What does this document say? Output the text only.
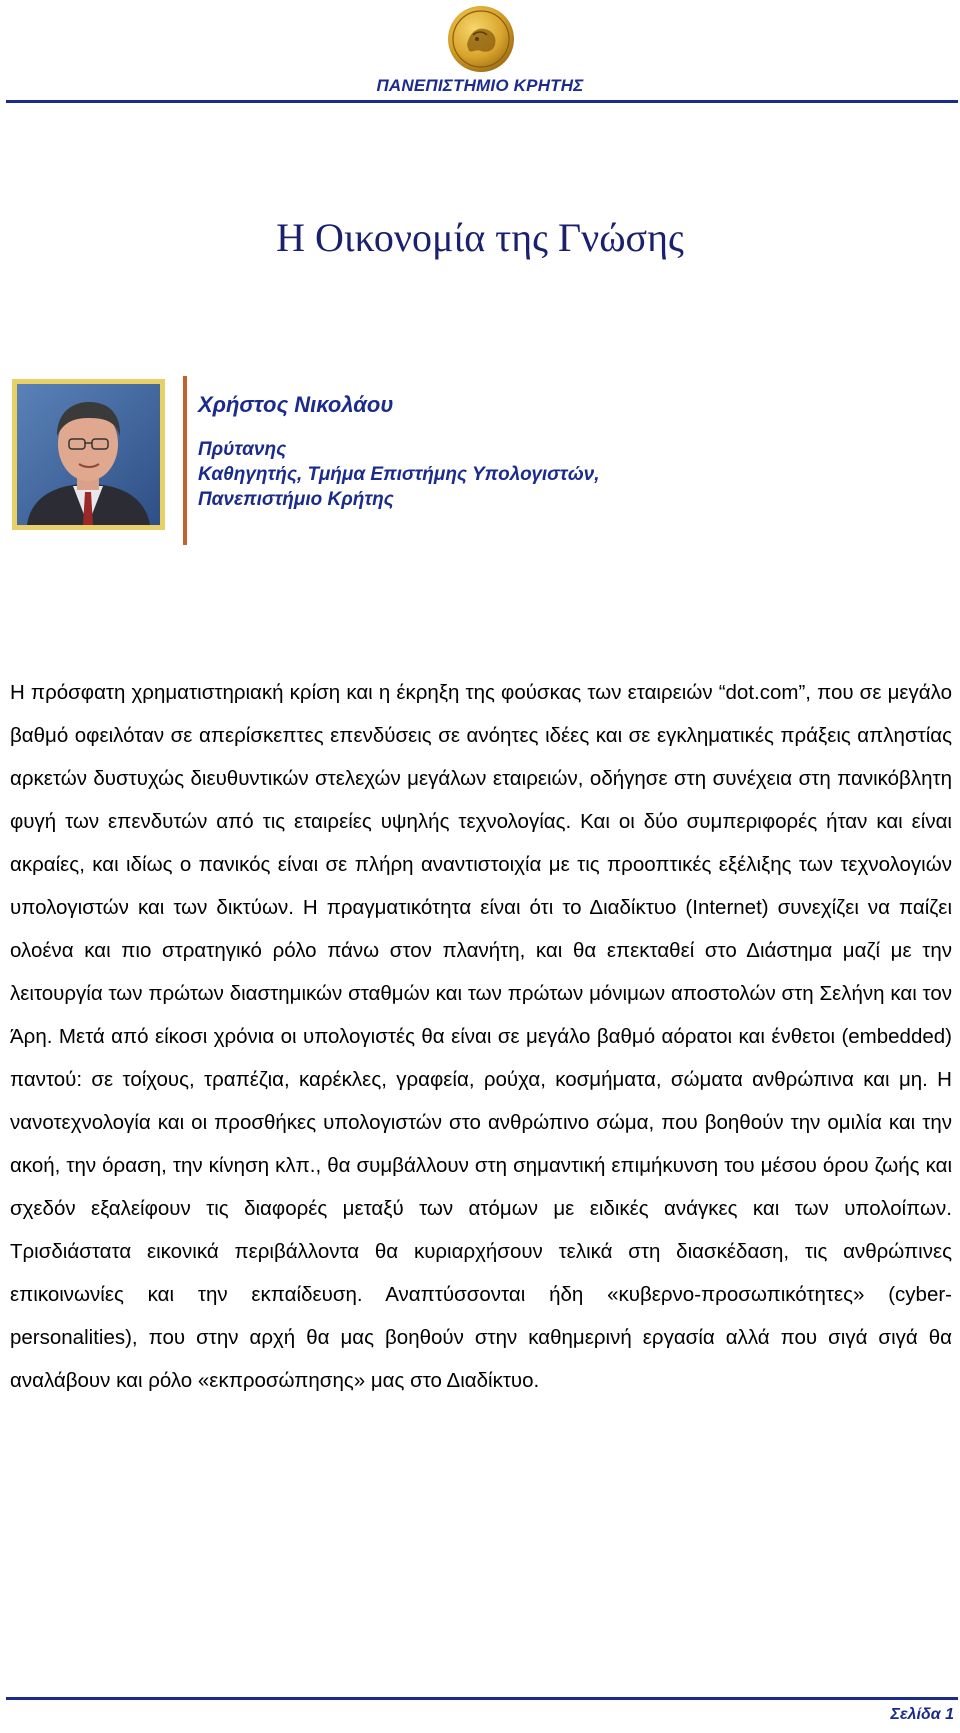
ΠΑΝΕΠΙΣΤΗΜΙΟ ΚΡΗΤΗΣ
Η Οικονομία της Γνώσης
Χρήστος Νικολάου
Πρύτανης
Καθηγητής, Τμήμα Επιστήμης Υπολογιστών,
Πανεπιστήμιο Κρήτης
Η πρόσφατη χρηματιστηριακή κρίση και η έκρηξη της φούσκας των εταιρειών “dot.com”, που σε μεγάλο βαθμό οφειλόταν σε απερίσκεπτες επενδύσεις σε ανόητες ιδέες και σε εγκληματικές πράξεις απληστίας αρκετών δυστυχώς διευθυντικών στελεχών μεγάλων εταιρειών, οδήγησε στη συνέχεια στη πανικόβλητη φυγή των επενδυτών από τις εταιρείες υψηλής τεχνολογίας. Και οι δύο συμπεριφορές ήταν και είναι ακραίες, και ιδίως ο πανικός είναι σε πλήρη αναντιστοιχία με τις προοπτικές εξέλιξης των τεχνολογιών υπολογιστών και των δικτύων. Η πραγματικότητα είναι ότι το Διαδίκτυο (Internet) συνεχίζει να παίζει ολοένα και πιο στρατηγικό ρόλο πάνω στον πλανήτη, και θα επεκταθεί στο Διάστημα μαζί με την λειτουργία των πρώτων διαστημικών σταθμών και των πρώτων μόνιμων αποστολών στη Σελήνη και τον Άρη. Μετά από είκοσι χρόνια οι υπολογιστές θα είναι σε μεγάλο βαθμό αόρατοι και ένθετοι (embedded) παντού: σε τοίχους, τραπέζια, καρέκλες, γραφεία, ρούχα, κοσμήματα, σώματα ανθρώπινα και μη. Η νανοτεχνολογία και οι προσθήκες υπολογιστών στο ανθρώπινο σώμα, που βοηθούν την ομιλία και την ακοή, την όραση, την κίνηση κλπ., θα συμβάλλουν στη σημαντική επιμήκυνση του μέσου όρου ζωής και σχεδόν εξαλείφουν τις διαφορές μεταξύ των ατόμων με ειδικές ανάγκες και των υπολοίπων. Τρισδιάστατα εικονικά περιβάλλοντα θα κυριαρχήσουν τελικά στη διασκέδαση, τις ανθρώπινες επικοινωνίες και την εκπαίδευση. Αναπτύσσονται ήδη «κυβερνο-προσωπικότητες» (cyber-personalities), που στην αρχή θα μας βοηθούν στην καθημερινή εργασία αλλά που σιγά σιγά θα αναλάβουν και ρόλο «εκπροσώπησης» μας στο Διαδίκτυο.
Σελίδα 1
